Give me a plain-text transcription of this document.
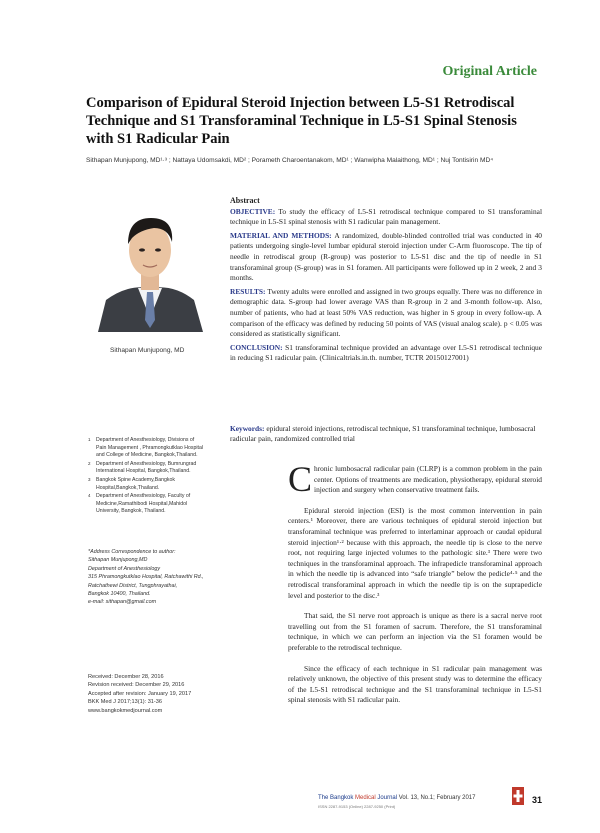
Original Article
Comparison of Epidural Steroid Injection between L5-S1 Retrodiscal Technique and S1 Transforaminal Technique in L5-S1 Spinal Stenosis with S1 Radicular Pain
Sithapan Munjupong, MD¹·³ ; Nattaya Udomsakdi, MD² ; Porameth Charoentanakom, MD¹ ; Wanwipha Malaithong, MD¹ ; Nuj Tontisirin MD⁴
Sithapan Munjupong, MD
Abstract

OBJECTIVE: To study the efficacy of L5-S1 retrodiscal technique compared to S1 transforaminal technique in L5-S1 spinal stenosis with S1 radicular pain management.

MATERIAL AND METHODS: A randomized, double-blinded controlled trial was conducted in 40 patients undergoing single-level lumbar epidural steroid injection under C-Arm fluoroscope. The tip of needle in retrodiscal group (R-group) was posterior to L5-S1 disc and the tip of needle in S1 transforaminal group (S-group) was in S1 foramen. All participants were followed up in 2 week, 2 and 3 months.

RESULTS: Twenty adults were enrolled and assigned in two groups equally. There was no difference in demographic data. S-group had lower average VAS than R-group in 2 and 3-month follow-up. Also, number of patients, who had at least 50% VAS reduction, was higher in S group in every follow-up. A comparison of the efficacy was defined by reducing 50 points of VAS (visual analog scale). p < 0.05 was considered as statistically significant.

CONCLUSION: S1 transforaminal technique provided an advantage over L5-S1 retrodiscal technique in reducing S1 radicular pain. (Clinicaltrials.in.th. number, TCTR 20150127001)

Keywords: epidural steroid injections, retrodiscal technique, S1 transforaminal technique, lumbosacral radicular pain, randomized controlled trial
1 Department of Anesthesiology, Divisions of Pain Management , Phramongkutklao Hospital and College of Medicine, Bangkok,Thailand.
2 Department of Anesthesiology, Bumrungrad International Hospital, Bangkok,Thailand.
3 Bangkok Spine Academy,Bangkok Hospital,Bangkok,Thailand.
4 Department of Anesthesiology, Faculty of Medicine,Ramathibodi Hospital,Mahidol University, Bangkok, Thailand.
*Address Correspondence to author:
Sithapan Munjupong,MD
Department of Anesthesiology
315 Phramongkutklao Hospital, Ratchawithi Rd.,
Ratchathewi District, Tungphrayathai,
Bangkok 10400, Thailand.
e-mail: sithapan@gmail.com
Received: December 28, 2016
Revision received: December 29, 2016
Accepted after revision: January 19, 2017
BKK Med J 2017;13(1): 31-36
www.bangkokmedjournal.com

Chronic lumbosacral radicular pain (CLRP) is a common problem in the pain center. Options of treatments are medication, physiotherapy, epidural steroid injection and surgery when conservative treatment fails.

Epidural steroid injection (ESI) is the most common intervention in pain centers.¹ Moreover, there are various techniques of epidural steroid injection but transforaminal technique was preferred to interlaminar approach or caudal epidural steroid injection¹·² because with this approach, the needle tip is close to the nerve root, not requiring large injected volumes to the pathologic site.³ There were two techniques in the transforaminal approach. The infrapedicle transforaminal approach in which the needle tip is advanced into “safe triangle” below the pedicle⁴·⁵ and the retrodiscal transforaminal approach in which the needle tip is on the suprapedicle level and posterior to the disc.³

That said, the S1 nerve root approach is unique as there is a sacral nerve root travelling out from the S1 foramen of sacrum. Therefore, the S1 transforaminal technique, in which we can perform an injection via the S1 foramen would be preferable to the retrodiscal technique.

Since the efficacy of each technique in S1 radicular pain management was relatively unknown, the objective of this present study was to determine the efficacy of the L5-S1 retrodiscal technique and the S1 transforaminal technique in L5-S1 spinal stenosis with S1 radicular pain.

The Bangkok Medical Journal Vol. 13, No.1; February 2017
ISSN 2287-9153 (Online) 2287-9250 (Print)
31
